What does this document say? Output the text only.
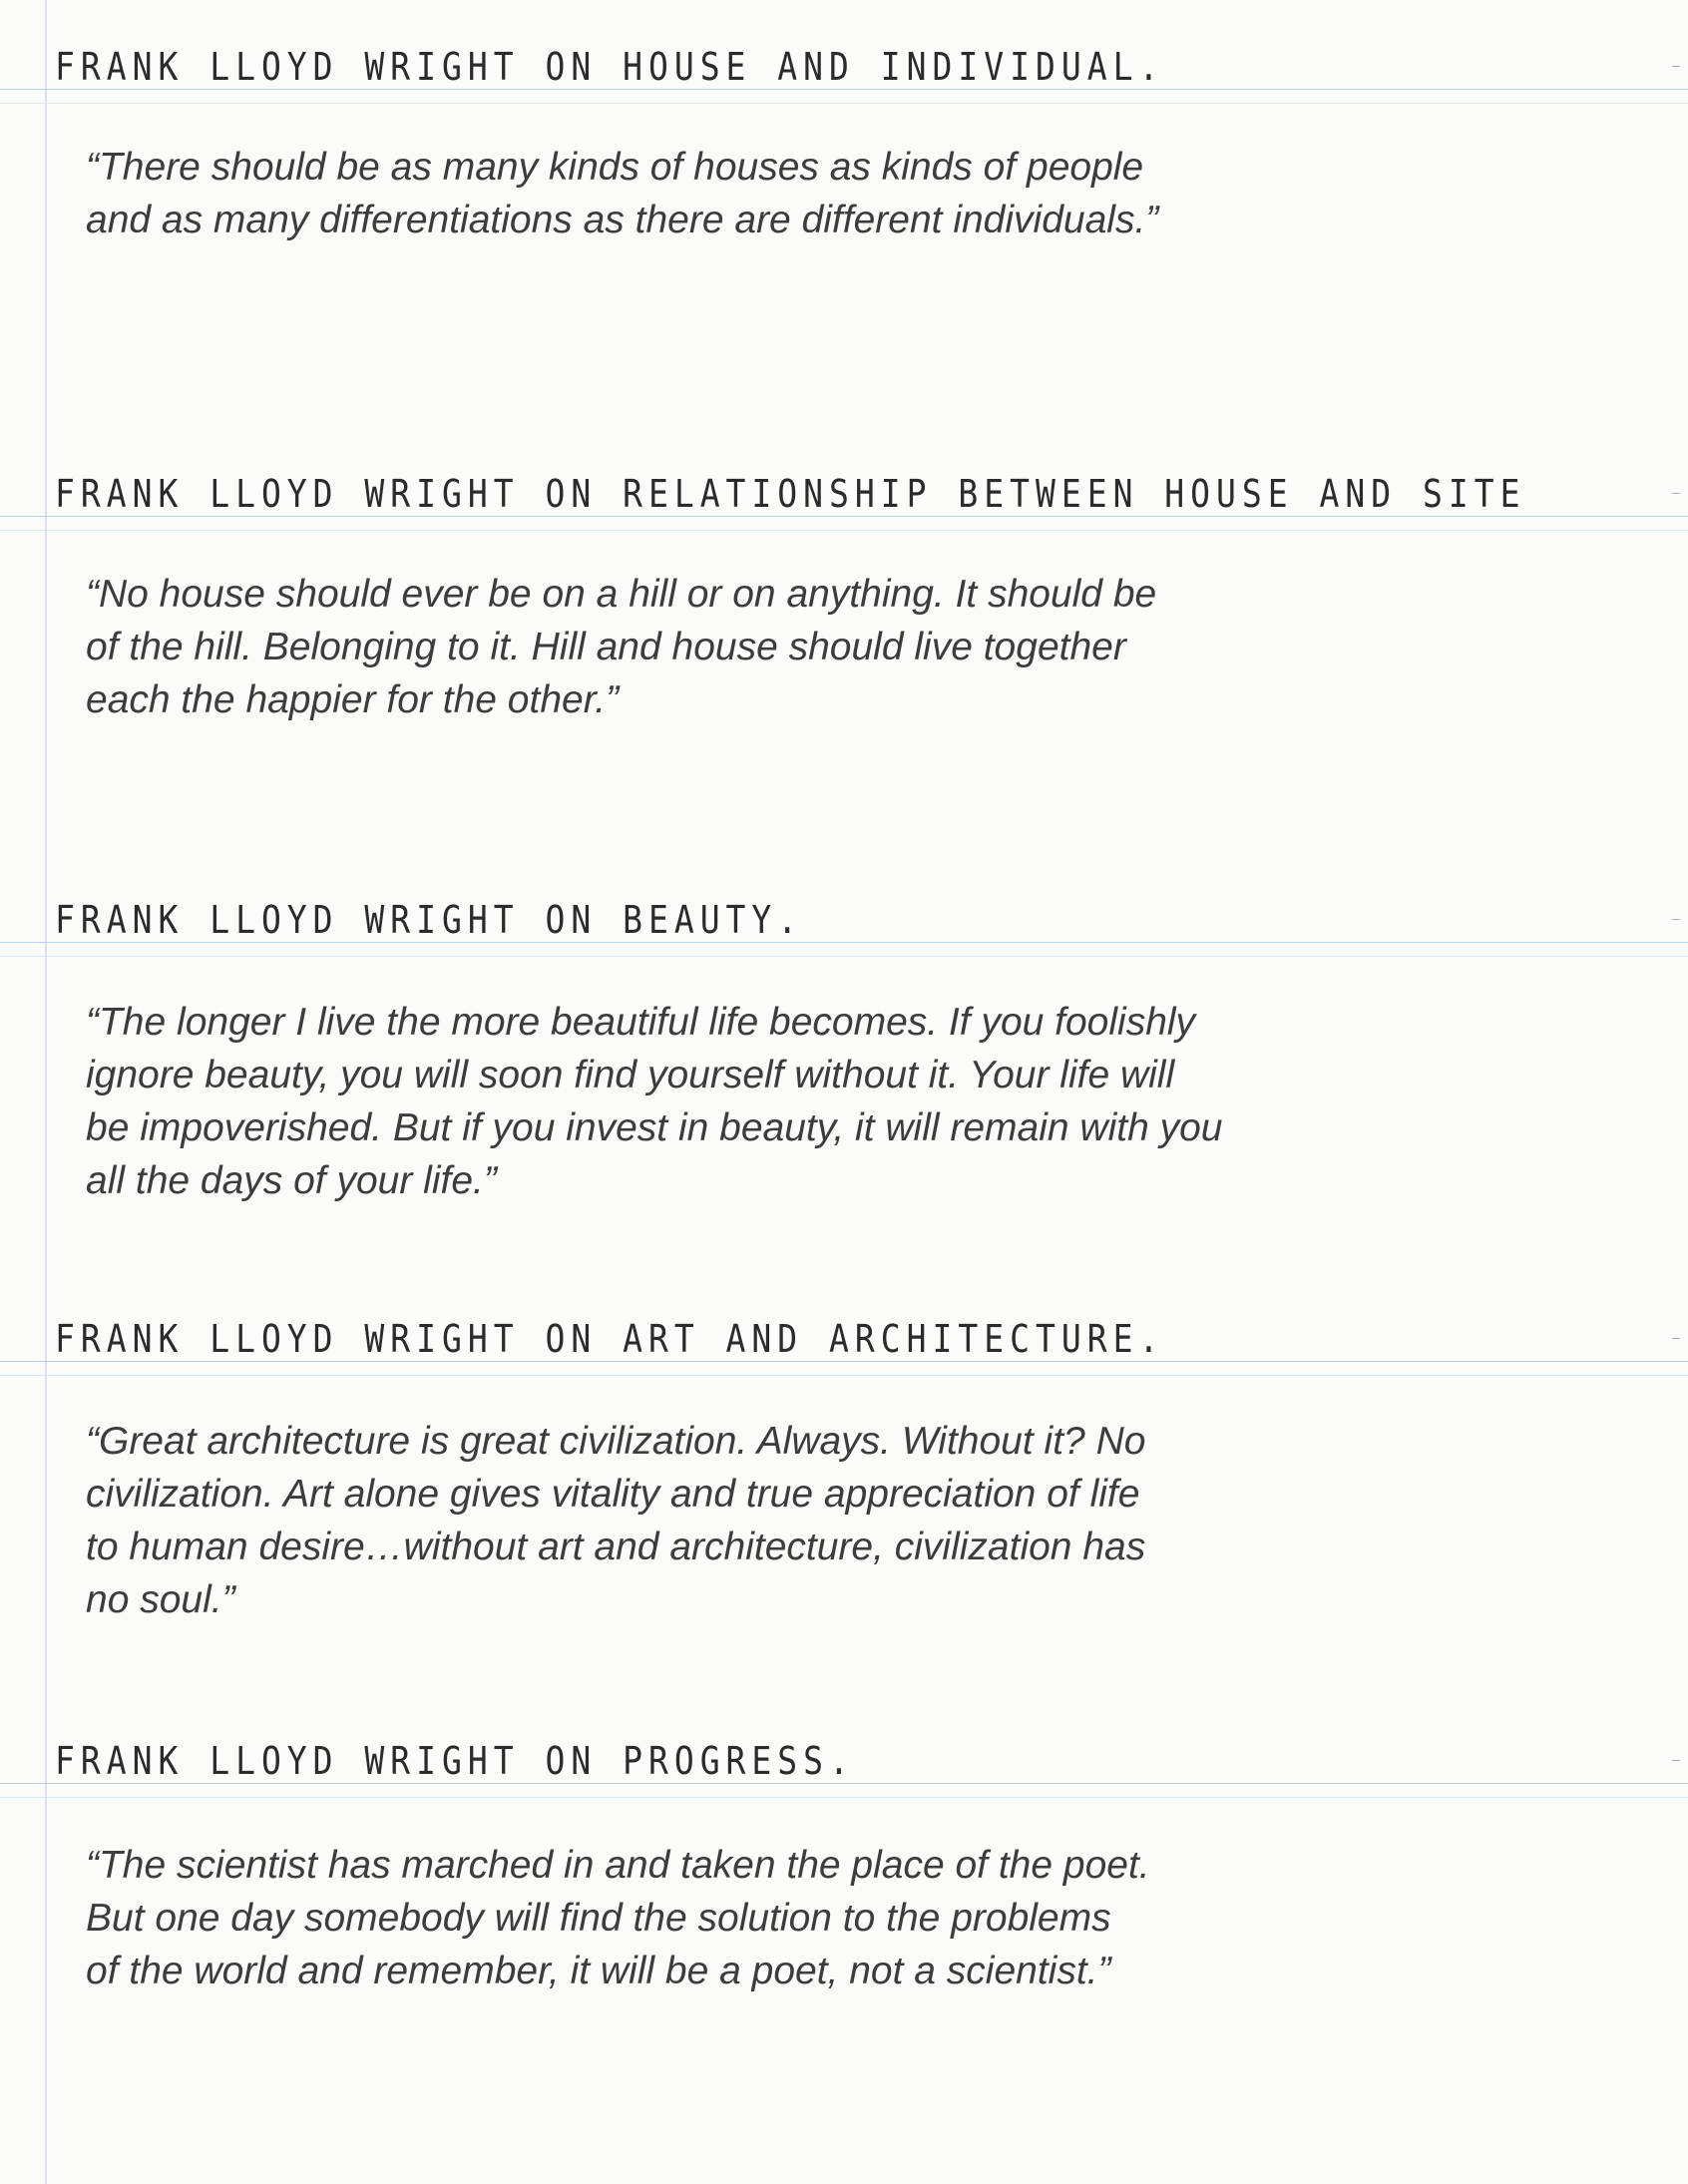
FRANK LLOYD WRIGHT ON HOUSE AND INDIVIDUAL.

“There should be as many kinds of houses as kinds of people
and as many differentiations as there are different individuals.”

FRANK LLOYD WRIGHT ON RELATIONSHIP BETWEEN HOUSE AND SITE

“No house should ever be on a hill or on anything. It should be
of the hill. Belonging to it. Hill and house should live together
each the happier for the other.”

FRANK LLOYD WRIGHT ON BEAUTY.

“The longer I live the more beautiful life becomes. If you foolishly
ignore beauty, you will soon find yourself without it. Your life will
be impoverished. But if you invest in beauty, it will remain with you
all the days of your life.”

FRANK LLOYD WRIGHT ON ART AND ARCHITECTURE.

“Great architecture is great civilization. Always. Without it? No
civilization. Art alone gives vitality and true appreciation of life
to human desire…without art and architecture, civilization has
no soul.”

FRANK LLOYD WRIGHT ON PROGRESS.

“The scientist has marched in and taken the place of the poet.
But one day somebody will find the solution to the problems
of the world and remember, it will be a poet, not a scientist.”
